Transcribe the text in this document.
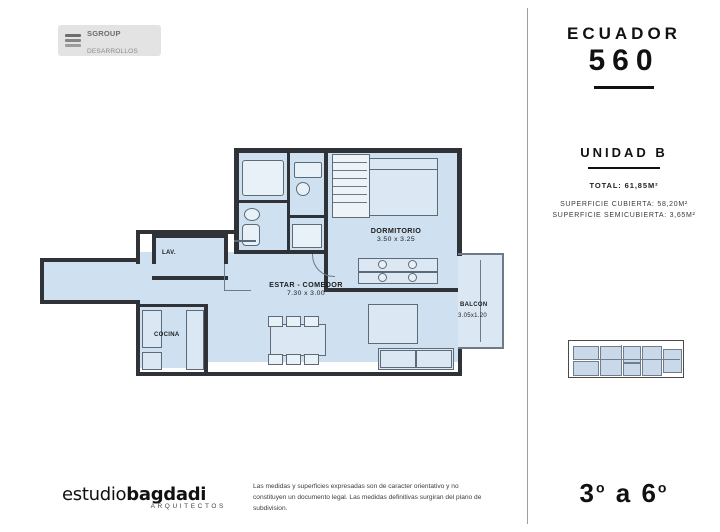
SGROUP
DESARROLLOS
DORMITORIO
3.50 x 3.25
ESTAR - COMEDOR
7.30 x 3.00
BALCON
3.05x1.20
COCINA
LAV.
ECUADOR
560
UNIDAD B
TOTAL: 61,85M²
SUPERFICIE CUBIERTA: 58,20M²
SUPERFICIE SEMICUBIERTA: 3,65M²
3$^o$ a 6$^o$
estudiobagdadi
ARQUITECTOS
Las medidas y superficies expresadas son de caracter orientativo y no constituyen un documento legal. Las medidas definitivas surgiran del plano de subdivision.
